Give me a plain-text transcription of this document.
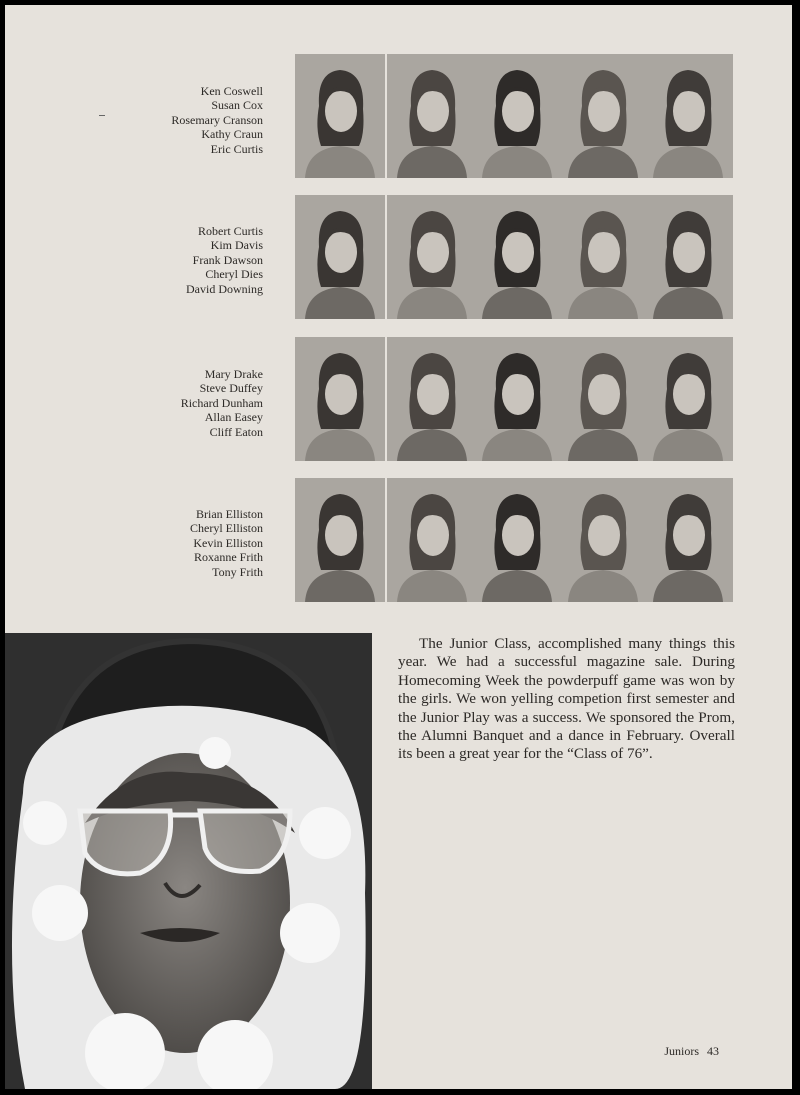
Ken Coswell
Susan Cox
Rosemary Cranson
Kathy Craun
Eric Curtis
Robert Curtis
Kim Davis
Frank Dawson
Cheryl Dies
David Downing
Mary Drake
Steve Duffey
Richard Dunham
Allan Easey
Cliff Eaton
Brian Elliston
Cheryl Elliston
Kevin Elliston
Roxanne Frith
Tony Frith
The Junior Class, accomplished many things this year. We had a successful magazine sale. During Homecoming Week the powderpuff game was won by the girls. We won yelling competion first semester and the Junior Play was a success. We sponsored the Prom, the Alumni Banquet and a dance in February. Overall its been a great year for the “Class of 76”.
Juniors 43
